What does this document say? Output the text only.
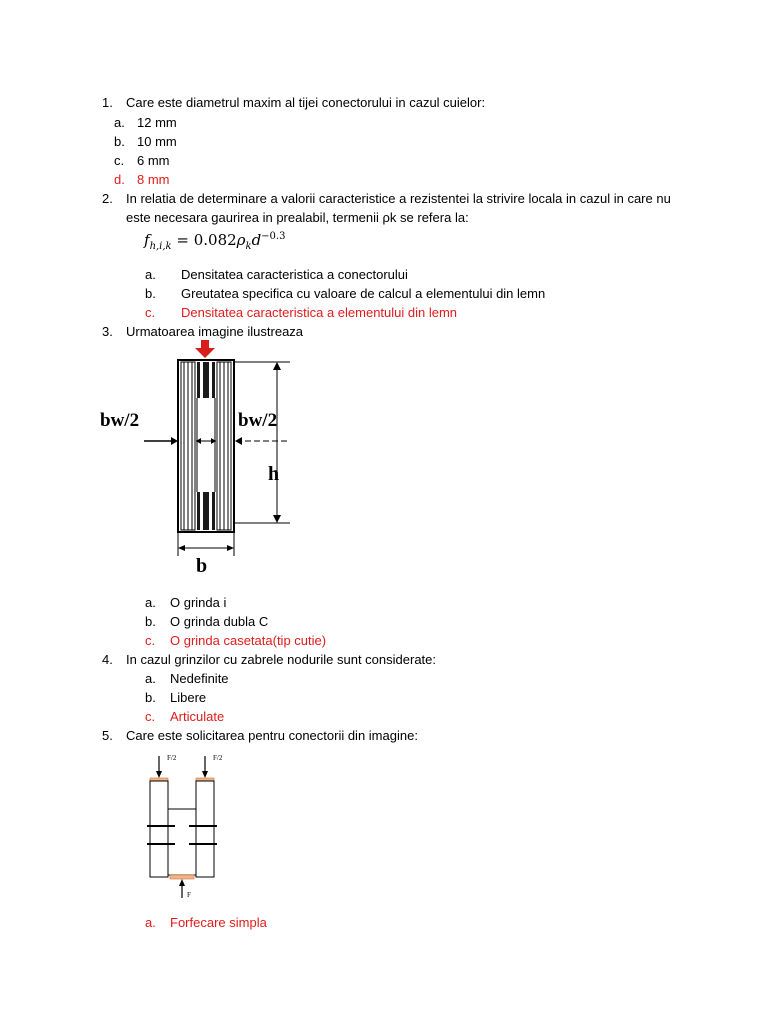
1.	Care este diametrul maxim al tijei conectorului in cazul cuielor:
a. 12 mm
b. 10 mm
c. 6 mm
d. 8 mm
2.	In relatia de determinare a valorii caracteristice a rezistentei la strivire locala in cazul in care nu
este necesara gaurirea in prealabil, termenii ρk se refera la:
$f_{h,i,k} = 0.082\rho_kd^{-0.3}$
a.	Densitatea caracteristica a conectorului
b.	Greutatea specifica cu valoare de calcul a elementului din lemn
c.	Densitatea caracteristica a elementului din lemn
3.	Urmatoarea imagine ilustreaza
bw/2	bw/2
h
b
a.	O grinda i
b.	O grinda dubla C
c.	O grinda casetata(tip cutie)
4.	In cazul grinzilor cu zabrele nodurile sunt considerate:
a.	Nedefinite
b.	Libere
c.	Articulate
5.	Care este solicitarea pentru conectorii din imagine:
F/2	F/2
F
a.	Forfecare simpla
